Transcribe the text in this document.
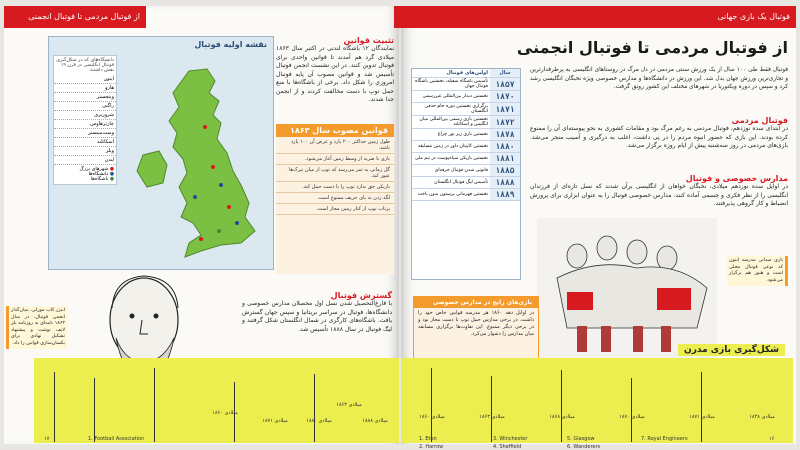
از فوتبال مردمی تا فوتبال انجمنی
نقشه اولیه فوتبال
دانشگاه‌های که در شکل‌گیری فوتبال انگلیسی در قرن ۱۹ نقش داشتند
ایتون
هارو
وینچستر
راگبی
شروزبری
چارترهاوس
وست‌مینستر
اسکاتلند
ویلز
لندن
● شهرهای بزرگ
● دانشگاه‌ها
● باشگاه‌ها
تثبیت قوانین
نمایندگان ۱۲ باشگاه لندنی در اکتبر سال ۱۸۶۳ میلادی گرد هم آمدند تا قوانین واحدی برای فوتبال تدوین کنند. در این نشست انجمن فوتبال تأسیس شد و قوانین مصوب آن پایه فوتبال امروزی را شکل داد. برخی از باشگاه‌ها با منع حمل توپ با دست مخالفت کردند و از انجمن جدا شدند.
قوانین مصوب سال ۱۸۶۳
طول زمین حداکثر ۲۰۰ یارد و عرض آن ۱۰۰ یارد باشد.
بازی با ضربه از وسط زمین آغاز می‌شود.
گل زمانی به ثمر می‌رسد که توپ از میان تیرک‌ها عبور کند.
بازیکن حق ندارد توپ را با دست حمل کند.
لگد زدن به پای حریف ممنوع است.
پرتاب توپ از کنار زمین مجاز است.
ابنزر کاب مورلی، بنیان‌گذار انجمن فوتبال، در سال ۱۸۶۳ نامه‌ای به روزنامه بلز لایف نوشت و پیشنهاد تشکیل نهادی برای یکسان‌سازی قوانین را داد.
گسترش فوتبال
با فارغ‌التحصیل شدن نسل اول محصلان مدارس خصوصی و دانشگاه‌ها، فوتبال در سراسر بریتانیا و سپس جهان گسترش یافت. باشگاه‌های کارگری در شمال انگلستان شکل گرفتند و لیگ فوتبال در سال ۱۸۸۸ تأسیس شد.
۱۸۶۰ میلادی
۱۸۷۱ میلادی	۱۸۸۰ میلادی
۱۸۶۳ میلادی
۱۸۸۸ میلادی
۱۷	1. Football Association
فوتبال یک بازی جهانی
از فوتبال مردمی تا فوتبال انجمنی
فوتبال فقط طی ۱۰۰ سال از یک ورزش سنتی مردمی در دل مرگ در روستاهای انگلیسی به پرطرفدارترین و تجاری‌ترین ورزش جهان بدل شد. این ورزش در دانشگاه‌ها و مدارس خصوصی ویژه نخبگان انگلیسی رشد کرد و سپس در دوره ویکتوریا در شهرهای مختلف این کشور رونق گرفت.
اولین‌های فوتبال	سال
تأسیس باشگاه شفیلد، نخستین باشگاه فوتبال جهان	۱۸۵۷
نخستین دیدار بین‌المللی غیررسمی	۱۸۷۰
برگزاری نخستین دوره جام حذفی انگلستان	۱۸۷۱
نخستین بازی رسمی بین‌المللی میان انگلیس و اسکاتلند	۱۸۷۲
نخستین بازی زیر نور چراغ	۱۸۷۸
نخستین کاپیتان داور در زمین مسابقه	۱۸۸۰
نخستین بازیکن سیاه‌پوست در تیم ملی	۱۸۸۱
قانونی شدن فوتبال حرفه‌ای	۱۸۸۵
تأسیس لیگ فوتبال انگلستان	۱۸۸۸
نخستین قهرمانی پرستون بدون باخت	۱۸۸۹
فوتبال مردمی
در ابتدای سده نوزدهم، فوتبال مردمی به رغم مرگ بود و مقامات کشوری به نحو پیوسته‌ای آن را ممنوع کرده بودند. این بازی که حضور انبوه مردم را در پی داشت، اغلب به درگیری و آسیب منجر می‌شد. بازی‌های مردمی در روز سه‌شنبه پیش از ایام روزه برگزار می‌شد.
مدارس خصوصی و فوتبال
در اوایل سده نوزدهم میلادی، نخبگان خواهان از انگلیسی برآن شدند که نسل تازه‌ای از فرزندان انگلیسی را از نظر فکری و جسمی آماده کنند. مدارس خصوصی فوتبال را به عنوان ابزاری برای پرورش انضباط و کار گروهی پذیرفتند.
بازی میدانی مدرسه ایتون که نوعی فوتبال محلی است و هنوز هم برگزار می‌شود.
بازی‌های رایج در مدارس خصوصی
در اوایل دهه ۱۸۶۰ هر مدرسه قوانین خاص خود را داشت. در برخی مدارس حمل توپ با دست مجاز بود و در برخی دیگر ممنوع. این تفاوت‌ها برگزاری مسابقه میان مدارس را دشوار می‌کرد.
شکل‌گیری بازی مدرن
۱۸۶۰ میلادی	۱۸۶۳ میلادی	۱۸۶۸ میلادی	۱۸۷۰ میلادی	۱۸۷۱ میلادی	۱۸۴۸ میلادی
1. Eton
2. Harrow
3. Winchester
4. Sheffield
5. Glasgow
6. Wanderers
7. Royal Engineers	۱۶
